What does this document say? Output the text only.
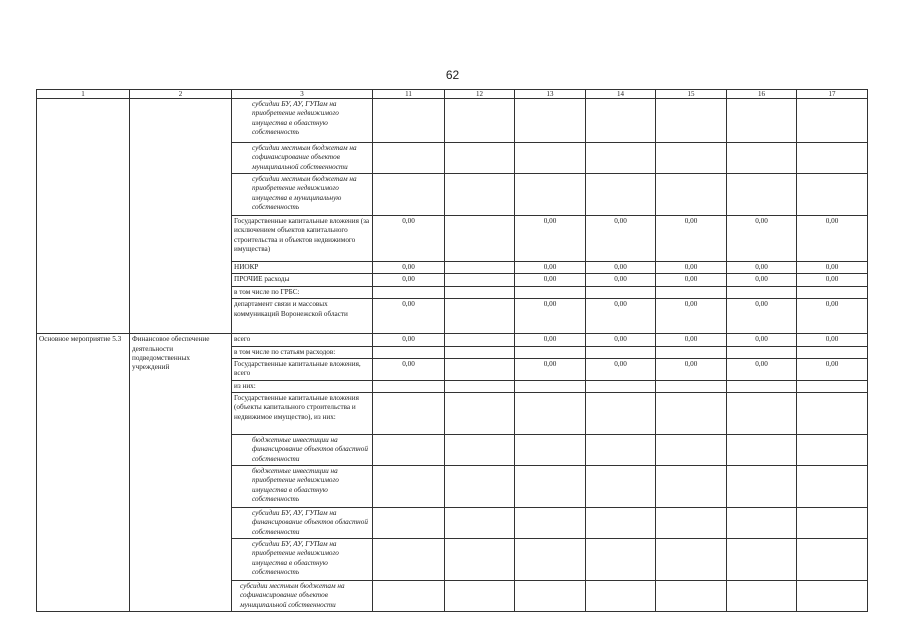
62
1	2	3	11	12	13	14	15	16	17
		субсидии БУ, АУ, ГУПам на приобретение недвижимого имущества в областную собственность							
		субсидии местным бюджетам на софинансирование объектов муниципальной собственности							
		субсидии местным бюджетам на приобретение недвижимого имущества в муниципальную собственность							
		Государственные капитальные вложения (за исключением объектов капитального строительства и объектов недвижимого имущества)	0,00		0,00	0,00	0,00	0,00	0,00
		НИОКР	0,00		0,00	0,00	0,00	0,00	0,00
		ПРОЧИЕ расходы	0,00		0,00	0,00	0,00	0,00	0,00
		в том числе по ГРБС:							
		департамент связи и массовых коммуникаций Воронежской области	0,00		0,00	0,00	0,00	0,00	0,00
Основное мероприятие 5.3	Финансовое обеспечение деятельности подведомственных учреждений	всего	0,00		0,00	0,00	0,00	0,00	0,00
		в том числе по статьям расходов:							
		Государственные капитальные вложения, всего	0,00		0,00	0,00	0,00	0,00	0,00
		из них:							
		Государственные капитальные вложения (объекты капитального строительства и недвижимое имущество), из них:							
		бюджетные инвестиции на финансирование объектов областной собственности							
		бюджетные инвестиции на приобретение недвижимого имущества в областную собственность							
		субсидии БУ, АУ, ГУПам на финансирование объектов областной собственности							
		субсидии БУ, АУ, ГУПам на приобретение недвижимого имущества в областную собственность							
		субсидии местным бюджетам на софинансирование объектов муниципальной собственности							
